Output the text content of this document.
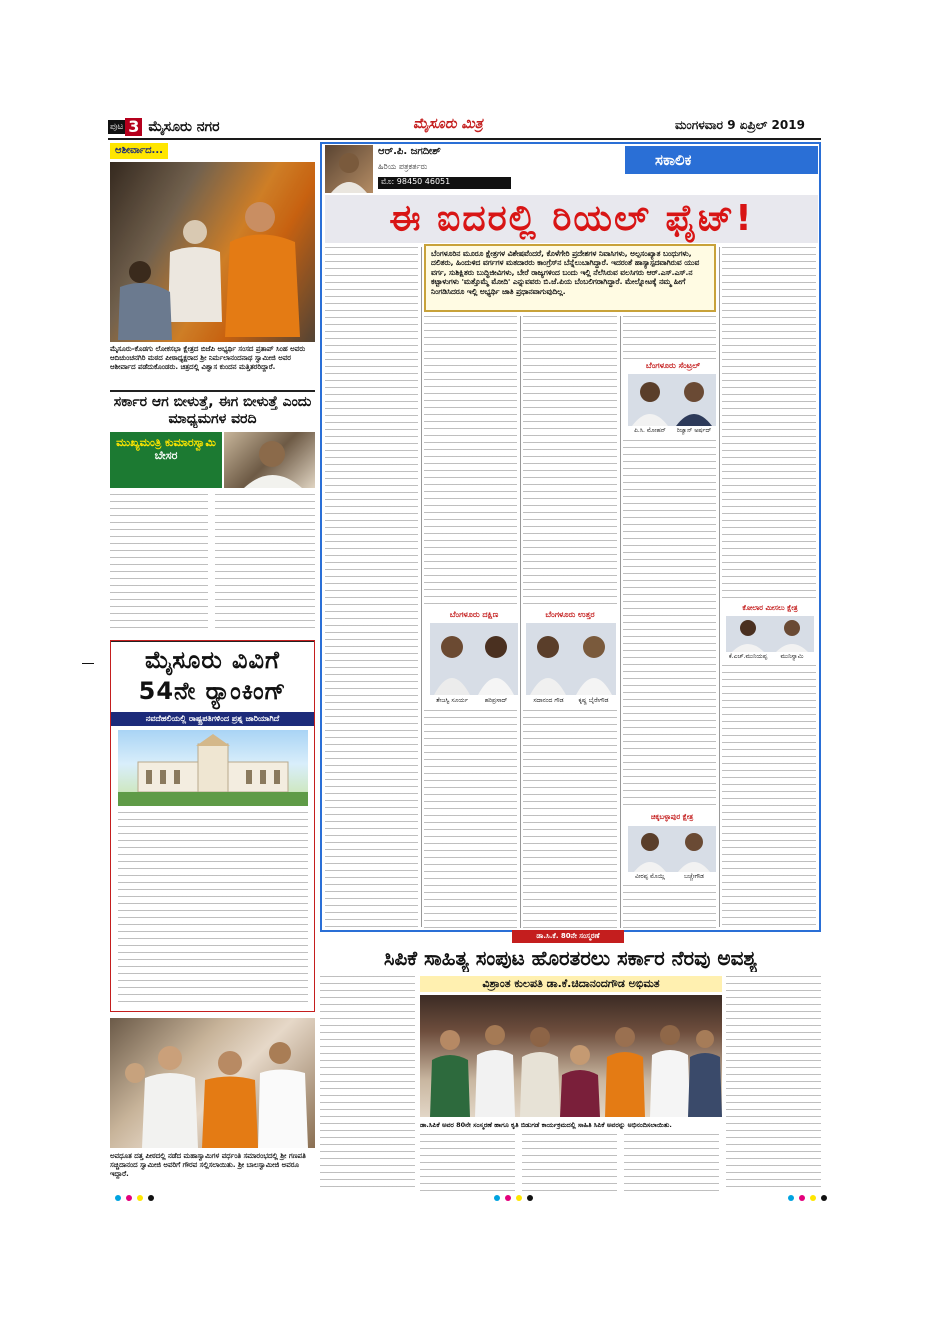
ಪುಟ 3 ಮೈಸೂರು ನಗರ	ಮೈಸೂರು ಮಿತ್ರ	ಮಂಗಳವಾರ 9 ಏಪ್ರಿಲ್ 2019
ಆಶೀರ್ವಾದ...
ಮೈಸೂರು-ಕೊಡಗು ಲೋಕಸಭಾ ಕ್ಷೇತ್ರದ ಬಿಜೆಪಿ ಅಭ್ಯರ್ಥಿ ಸಂಸದ ಪ್ರತಾಪ್ ಸಿಂಹ ಅವರು ಆದಿಚುಂಚನಗಿರಿ ಮಠದ ಪೀಠಾಧ್ಯಕ್ಷರಾದ ಶ್ರೀ ನಿರ್ಮಲಾನಂದನಾಥ ಸ್ವಾಮೀಜಿ ಅವರ ಆಶೀರ್ವಾದ ಪಡೆದುಕೊಂಡರು. ಚಿತ್ರದಲ್ಲಿ ವಿಶ್ವಾಸ ಕುಂದನ ಮತ್ತಿತರರಿದ್ದಾರೆ.
ಸರ್ಕಾರ ಆಗ ಬೀಳುತ್ತೆ, ಈಗ ಬೀಳುತ್ತೆ ಎಂದು ಮಾಧ್ಯಮಗಳ ವರದಿ
ಮುಖ್ಯಮಂತ್ರಿ ಕುಮಾರಸ್ವಾಮಿ
ಬೇಸರ
ಮೈಸೂರು ವಿವಿಗೆ
54ನೇ ರ್‍ಯಾಂಕಿಂಗ್
ನವದೆಹಲಿಯಲ್ಲಿ ರಾಷ್ಟ್ರಪತಿಗಳಿಂದ ಪ್ರಶ್ನ ಜಾರಿಯಾಗಿದೆ
ಅವಧೂತ ದತ್ತ ಪೀಠದಲ್ಲಿ ನಡೆದ ಮಹಾಸ್ವಾಮಿಗಳ ವರ್ಧಂತಿ ಸಮಾರಂಭದಲ್ಲಿ ಶ್ರೀ ಗಣಪತಿ ಸಚ್ಚಿದಾನಂದ ಸ್ವಾಮೀಜಿ ಅವರಿಗೆ ಗೌರವ ಸಲ್ಲಿಸಲಾಯಿತು. ಶ್ರೀ ಬಾಲಸ್ವಾಮೀಜಿ ಅವರೂ ಇದ್ದಾರೆ.
ಆರ್.ಪಿ. ಜಗದೀಶ್
ಹಿರಿಯ ಪತ್ರಕರ್ತರು
ಮೊ: 98450 46051
ಸಕಾಲಿಕ
ಈ ಐದರಲ್ಲಿ ರಿಯಲ್ ಫೈಟ್!
ಬೆಂಗಳೂರಿನ ಮೂರೂ ಕ್ಷೇತ್ರಗಳ ವಿಶೇಷವೆಂದರೆ, ಕೊಳೆಗೇರಿ ಪ್ರದೇಶಗಳ ನಿವಾಸಿಗಳು, ಅಲ್ಪಸಂಖ್ಯಾತ ಬಂಧುಗಳು, ದಲಿತರು, ಹಿಂದುಳಿದ ವರ್ಗಗಳ ಮತದಾರರು ಕಾಂಗ್ರೆಸ್‌ನ ಬೆನ್ನೆಲುಬಾಗಿದ್ದಾರೆ. ಇದರಂತೆ ಹಾಸ್ಯಾಸ್ಪದವಾಗಿರುವ ಯುವ ವರ್ಗ, ಸುಶಿಕ್ಷಿತರು ಬುದ್ಧಿಜೀವಿಗಳು, ಬೇರೆ ರಾಜ್ಯಗಳಿಂದ ಬಂದು ಇಲ್ಲಿ ನೆಲೆಸಿರುವ ವಲಸಿಗರು ಆರ್.ಎಸ್.ಎಸ್.ನ ಕಟ್ಟಾಳುಗಳು 'ಮತ್ತೊಮ್ಮೆ ಮೋದಿ' ಎನ್ನುವವರು ಬಿ.ಜೆ.ಪಿಯ ಬೆಂಬಲಿಗರಾಗಿದ್ದಾರೆ. ಮೇಲ್ನೋಟಕ್ಕೆ ನಮ್ಮ ಹೀಗೆ ನಿಂಗಡಿಸಿದರೂ ಇಲ್ಲಿ ಅಭ್ಯರ್ಥಿ ಜಾತಿ ಪ್ರಧಾನವಾಗುವುದಿಲ್ಲ.
ಬೆಂಗಳೂರು ಸೆಂಟ್ರಲ್
ಪಿ.ಸಿ. ಮೋಹನ್	ರಿಜ್ವಾನ್ ಅರ್ಷದ್
ಬೆಂಗಳೂರು ದಕ್ಷಿಣ
ತೇಜಸ್ವಿ ಸೂರ್ಯ	ಹರಿಪ್ರಸಾದ್
ಬೆಂಗಳೂರು ಉತ್ತರ
ಸದಾನಂದ ಗೌಡ	ಕೃಷ್ಣ ಬೈರೇಗೌಡ
ಚಿಕ್ಕಬಳ್ಳಾಪುರ ಕ್ಷೇತ್ರ
ವೀರಪ್ಪ ಮೊಯ್ಲಿ	ಬಚ್ಚೇಗೌಡ
ಕೋಲಾರ ಮೀಸಲು ಕ್ಷೇತ್ರ
ಕೆ.ಎಚ್.ಮುನಿಯಪ್ಪ	ಮುನಿಸ್ವಾಮಿ
ಡಾ.ಸಿ.ಕೆ. 80ನೇ ಸಂಸ್ಮರಣೆ
ಸಿಪಿಕೆ ಸಾಹಿತ್ಯ ಸಂಪುಟ ಹೊರತರಲು ಸರ್ಕಾರ ನೆರವು ಅವಶ್ಯ
ವಿಶ್ರಾಂತ ಕುಲಪತಿ ಡಾ.ಕೆ.ಚಿದಾನಂದಗೌಡ ಅಭಿಮತ
ಡಾ.ಸಿಪಿಕೆ ಅವರ 80ನೇ ಸಂಸ್ಮರಣೆ ಹಾಗೂ ಕೃತಿ ಬಿಡುಗಡೆ ಕಾರ್ಯಕ್ರಮದಲ್ಲಿ ಸಾಹಿತಿ ಸಿಪಿಕೆ ಅವರನ್ನು ಅಭಿನಂದಿಸಲಾಯಿತು.
